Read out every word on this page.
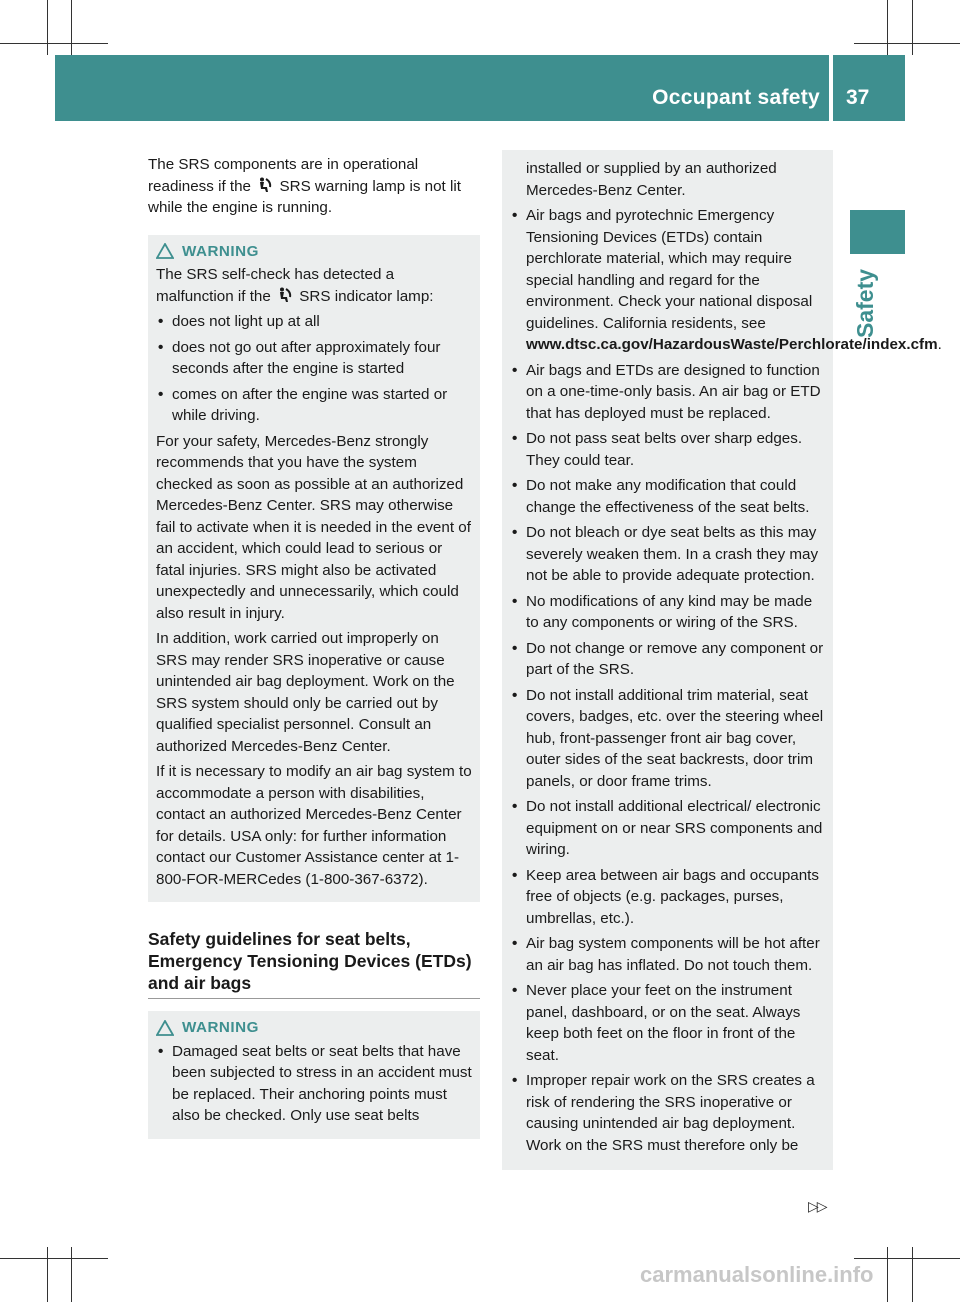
Occupant safety 37
Safety

The SRS components are in operational readiness if the SRS warning lamp is not lit while the engine is running.

WARNING

The SRS self-check has detected a malfunction if the SRS indicator lamp:

• does not light up at all
• does not go out after approximately four seconds after the engine is started
• comes on after the engine was started or while driving.

For your safety, Mercedes-Benz strongly recommends that you have the system checked as soon as possible at an authorized Mercedes-Benz Center. SRS may otherwise fail to activate when it is needed in the event of an accident, which could lead to serious or fatal injuries. SRS might also be activated unexpectedly and unnecessarily, which could also result in injury.

In addition, work carried out improperly on SRS may render SRS inoperative or cause unintended air bag deployment. Work on the SRS system should only be carried out by qualified specialist personnel. Consult an authorized Mercedes-Benz Center.

If it is necessary to modify an air bag system to accommodate a person with disabilities, contact an authorized Mercedes-Benz Center for details. USA only: for further information contact our Customer Assistance center at 1-800-FOR-MERCedes (1-800-367-6372).

Safety guidelines for seat belts, Emergency Tensioning Devices (ETDs) and air bags
WARNING
• Damaged seat belts or seat belts that have been subjected to stress in an accident must be replaced. Their anchoring points must also be checked. Only use seat belts
installed or supplied by an authorized Mercedes-Benz Center.
• Air bags and pyrotechnic Emergency Tensioning Devices (ETDs) contain perchlorate material, which may require special handling and regard for the environment. Check your national disposal guidelines. California residents, see www.dtsc.ca.gov/HazardousWaste/Perchlorate/index.cfm.
• Air bags and ETDs are designed to function on a one-time-only basis. An air bag or ETD that has deployed must be replaced.
• Do not pass seat belts over sharp edges. They could tear.
• Do not make any modification that could change the effectiveness of the seat belts.
• Do not bleach or dye seat belts as this may severely weaken them. In a crash they may not be able to provide adequate protection.
• No modifications of any kind may be made to any components or wiring of the SRS.
• Do not change or remove any component or part of the SRS.
• Do not install additional trim material, seat covers, badges, etc. over the steering wheel hub, front-passenger front air bag cover, outer sides of the seat backrests, door trim panels, or door frame trims.
• Do not install additional electrical/ electronic equipment on or near SRS components and wiring.
• Keep area between air bags and occupants free of objects (e.g. packages, purses, umbrellas, etc.).
• Air bag system components will be hot after an air bag has inflated. Do not touch them.
• Never place your feet on the instrument panel, dashboard, or on the seat. Always keep both feet on the floor in front of the seat.
• Improper repair work on the SRS creates a risk of rendering the SRS inoperative or causing unintended air bag deployment. Work on the SRS must therefore only be
▷▷
carmanualsonline.info
